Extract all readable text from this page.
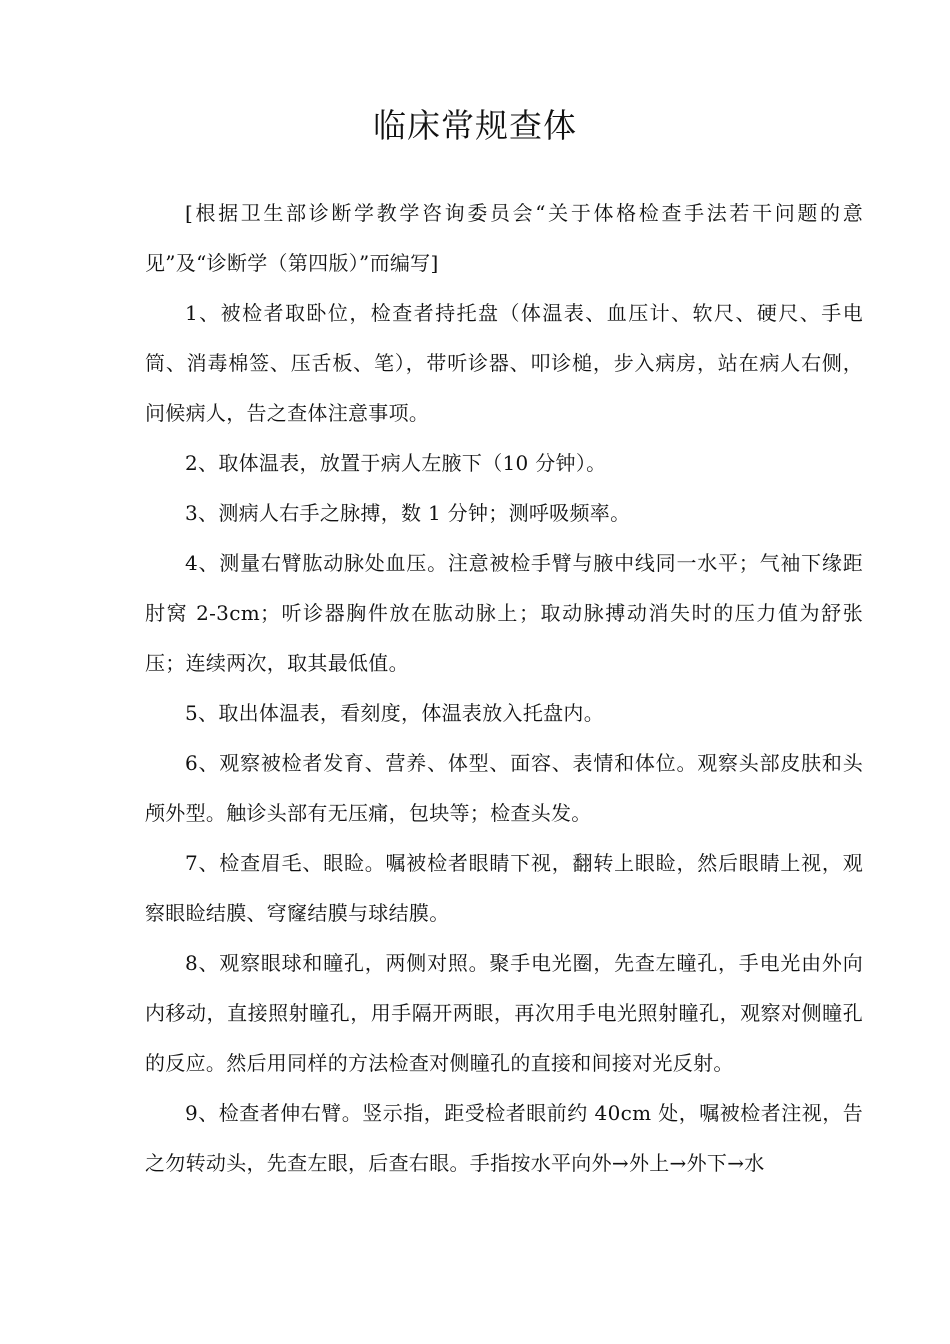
临床常规查体

[根据卫生部诊断学教学咨询委员会“关于体格检查手法若干问题的意见”及“诊断学（第四版）”而编写]

1、被检者取卧位，检查者持托盘（体温表、血压计、软尺、硬尺、手电筒、消毒棉签、压舌板、笔），带听诊器、叩诊槌，步入病房，站在病人右侧，问候病人，告之查体注意事项。

2、取体温表，放置于病人左腋下（10 分钟）。

3、测病人右手之脉搏，数 1 分钟；测呼吸频率。

4、测量右臂肱动脉处血压。注意被检手臂与腋中线同一水平；气袖下缘距肘窝 2-3cm；听诊器胸件放在肱动脉上；取动脉搏动消失时的压力值为舒张压；连续两次，取其最低值。

5、取出体温表，看刻度，体温表放入托盘内。

6、观察被检者发育、营养、体型、面容、表情和体位。观察头部皮肤和头颅外型。触诊头部有无压痛，包块等；检查头发。

7、检查眉毛、眼睑。嘱被检者眼睛下视，翻转上眼睑，然后眼睛上视，观察眼睑结膜、穹窿结膜与球结膜。

8、观察眼球和瞳孔，两侧对照。聚手电光圈，先查左瞳孔，手电光由外向内移动，直接照射瞳孔，用手隔开两眼，再次用手电光照射瞳孔，观察对侧瞳孔的反应。然后用同样的方法检查对侧瞳孔的直接和间接对光反射。

9、检查者伸右臂。竖示指，距受检者眼前约 40cm 处，嘱被检者注视，告之勿转动头，先查左眼，后查右眼。手指按水平向外→外上→外下→水
